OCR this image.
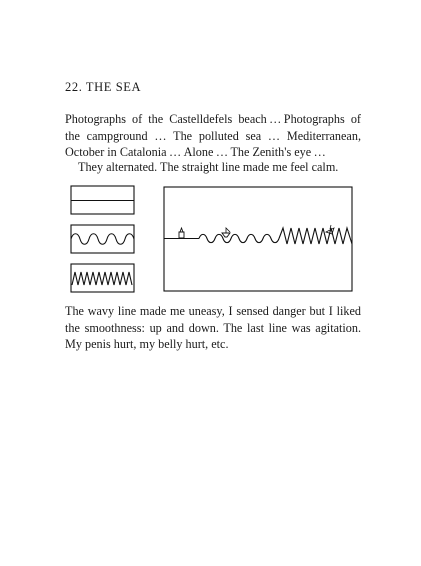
22. THE SEA
Photographs of the Castelldefels beach … Photographs of the campground … The polluted sea … Mediterranean, October in Catalonia … Alone … The Zenith's eye …
They alternated. The straight line made me feel calm.
The wavy line made me uneasy, I sensed danger but I liked the smoothness: up and down. The last line was agitation. My penis hurt, my belly hurt, etc.
